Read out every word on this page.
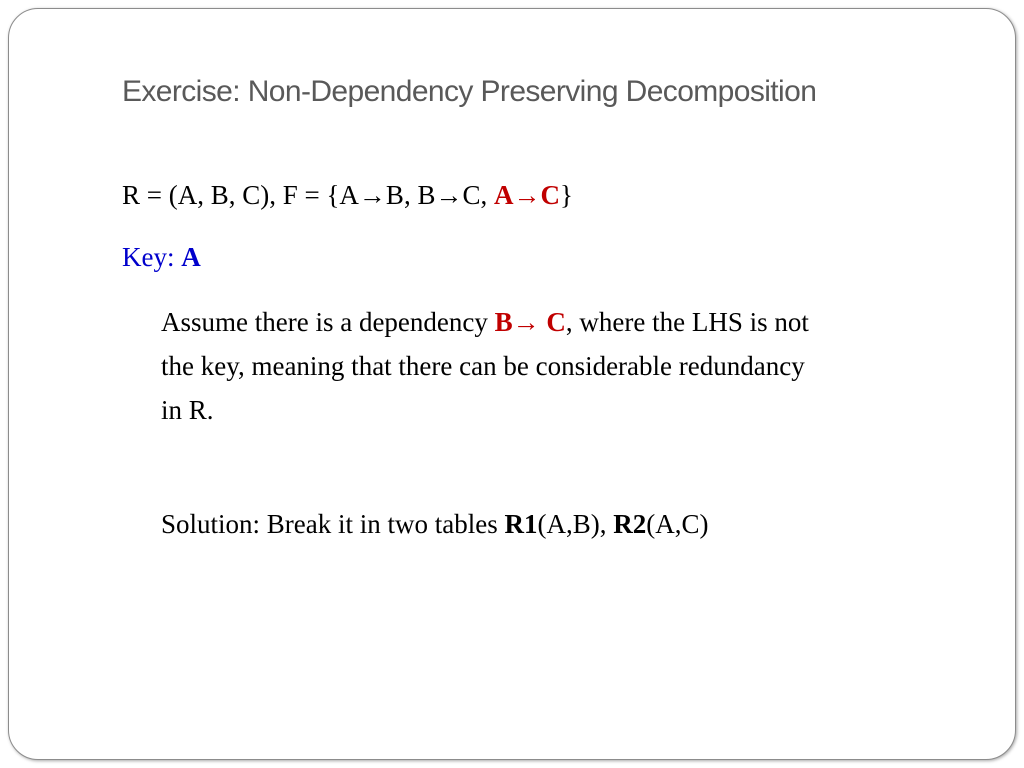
Exercise: Non-Dependency Preserving Decomposition
R = (A, B, C), F = {A→B, B→C, A→C}
Key: A

Assume there is a dependency B→ C, where the LHS is not
the key, meaning that there can be considerable redundancy
in R.

Solution: Break it in two tables R1(A,B), R2(A,C)
